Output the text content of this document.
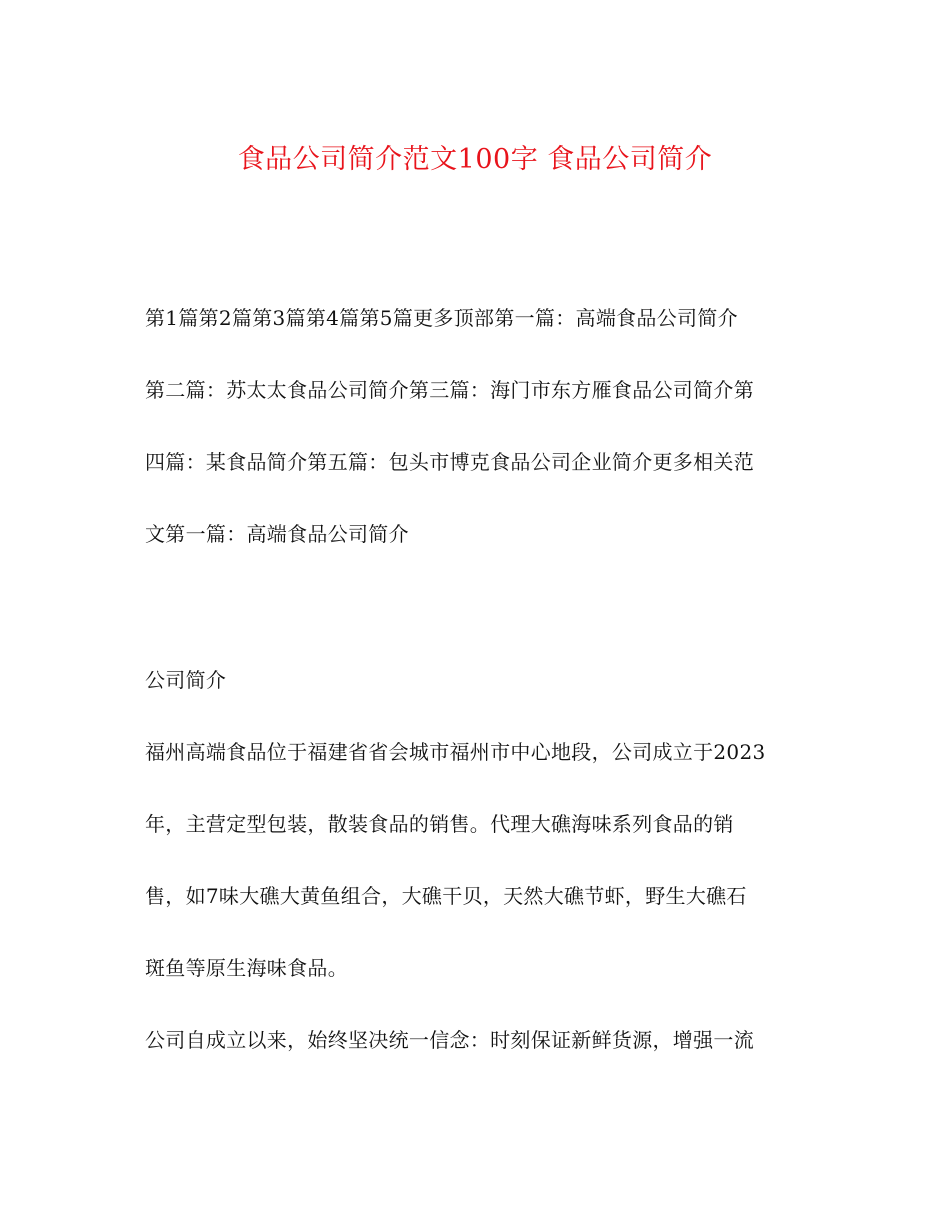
食品公司简介范文100字 食品公司简介
第1篇第2篇第3篇第4篇第5篇更多顶部第一篇：高端食品公司简介
第二篇：苏太太食品公司简介第三篇：海门市东方雁食品公司简介第
四篇：某食品简介第五篇：包头市博克食品公司企业简介更多相关范
文第一篇：高端食品公司简介
公司简介
福州高端食品位于福建省省会城市福州市中心地段，公司成立于2023
年，主营定型包装，散装食品的销售。代理大礁海味系列食品的销
售，如7味大礁大黄鱼组合，大礁干贝，天然大礁节虾，野生大礁石
斑鱼等原生海味食品。
公司自成立以来，始终坚决统一信念：时刻保证新鲜货源，增强一流
